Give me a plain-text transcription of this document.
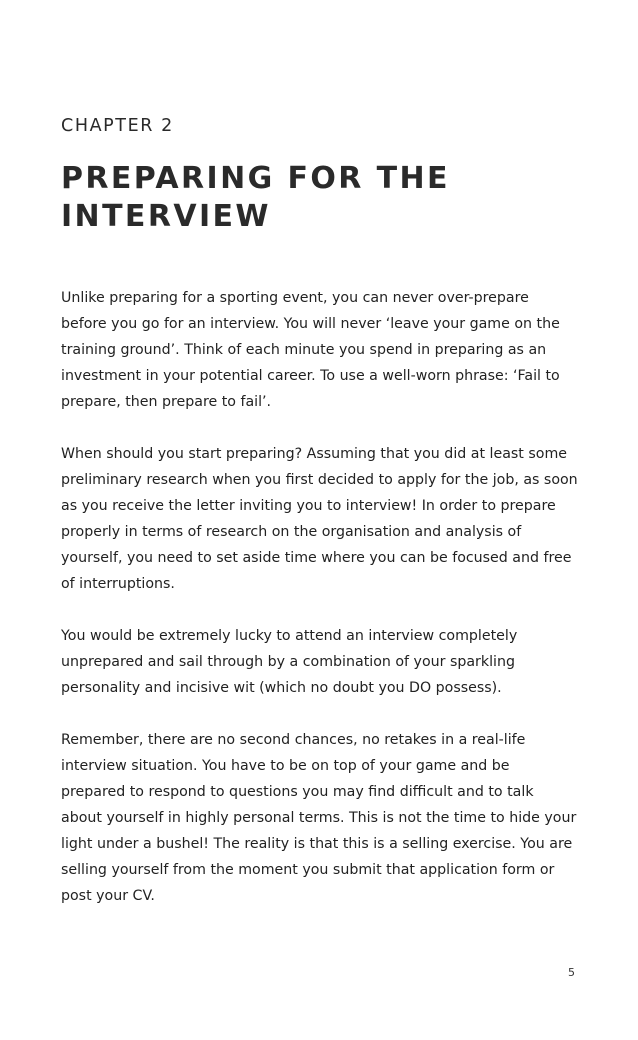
CHAPTER 2
PREPARING FOR THE
INTERVIEW

Unlike preparing for a sporting event, you can never over-prepare
before you go for an interview. You will never ‘leave your game on the
training ground’. Think of each minute you spend in preparing as an
investment in your potential career. To use a well-worn phrase: ‘Fail to
prepare, then prepare to fail’.

When should you start preparing? Assuming that you did at least some
preliminary research when you first decided to apply for the job, as soon
as you receive the letter inviting you to interview! In order to prepare
properly in terms of research on the organisation and analysis of
yourself, you need to set aside time where you can be focused and free
of interruptions.

You would be extremely lucky to attend an interview completely
unprepared and sail through by a combination of your sparkling
personality and incisive wit (which no doubt you DO possess).

Remember, there are no second chances, no retakes in a real-life
interview situation. You have to be on top of your game and be
prepared to respond to questions you may find difficult and to talk
about yourself in highly personal terms. This is not the time to hide your
light under a bushel! The reality is that this is a selling exercise. You are
selling yourself from the moment you submit that application form or
post your CV.

5
